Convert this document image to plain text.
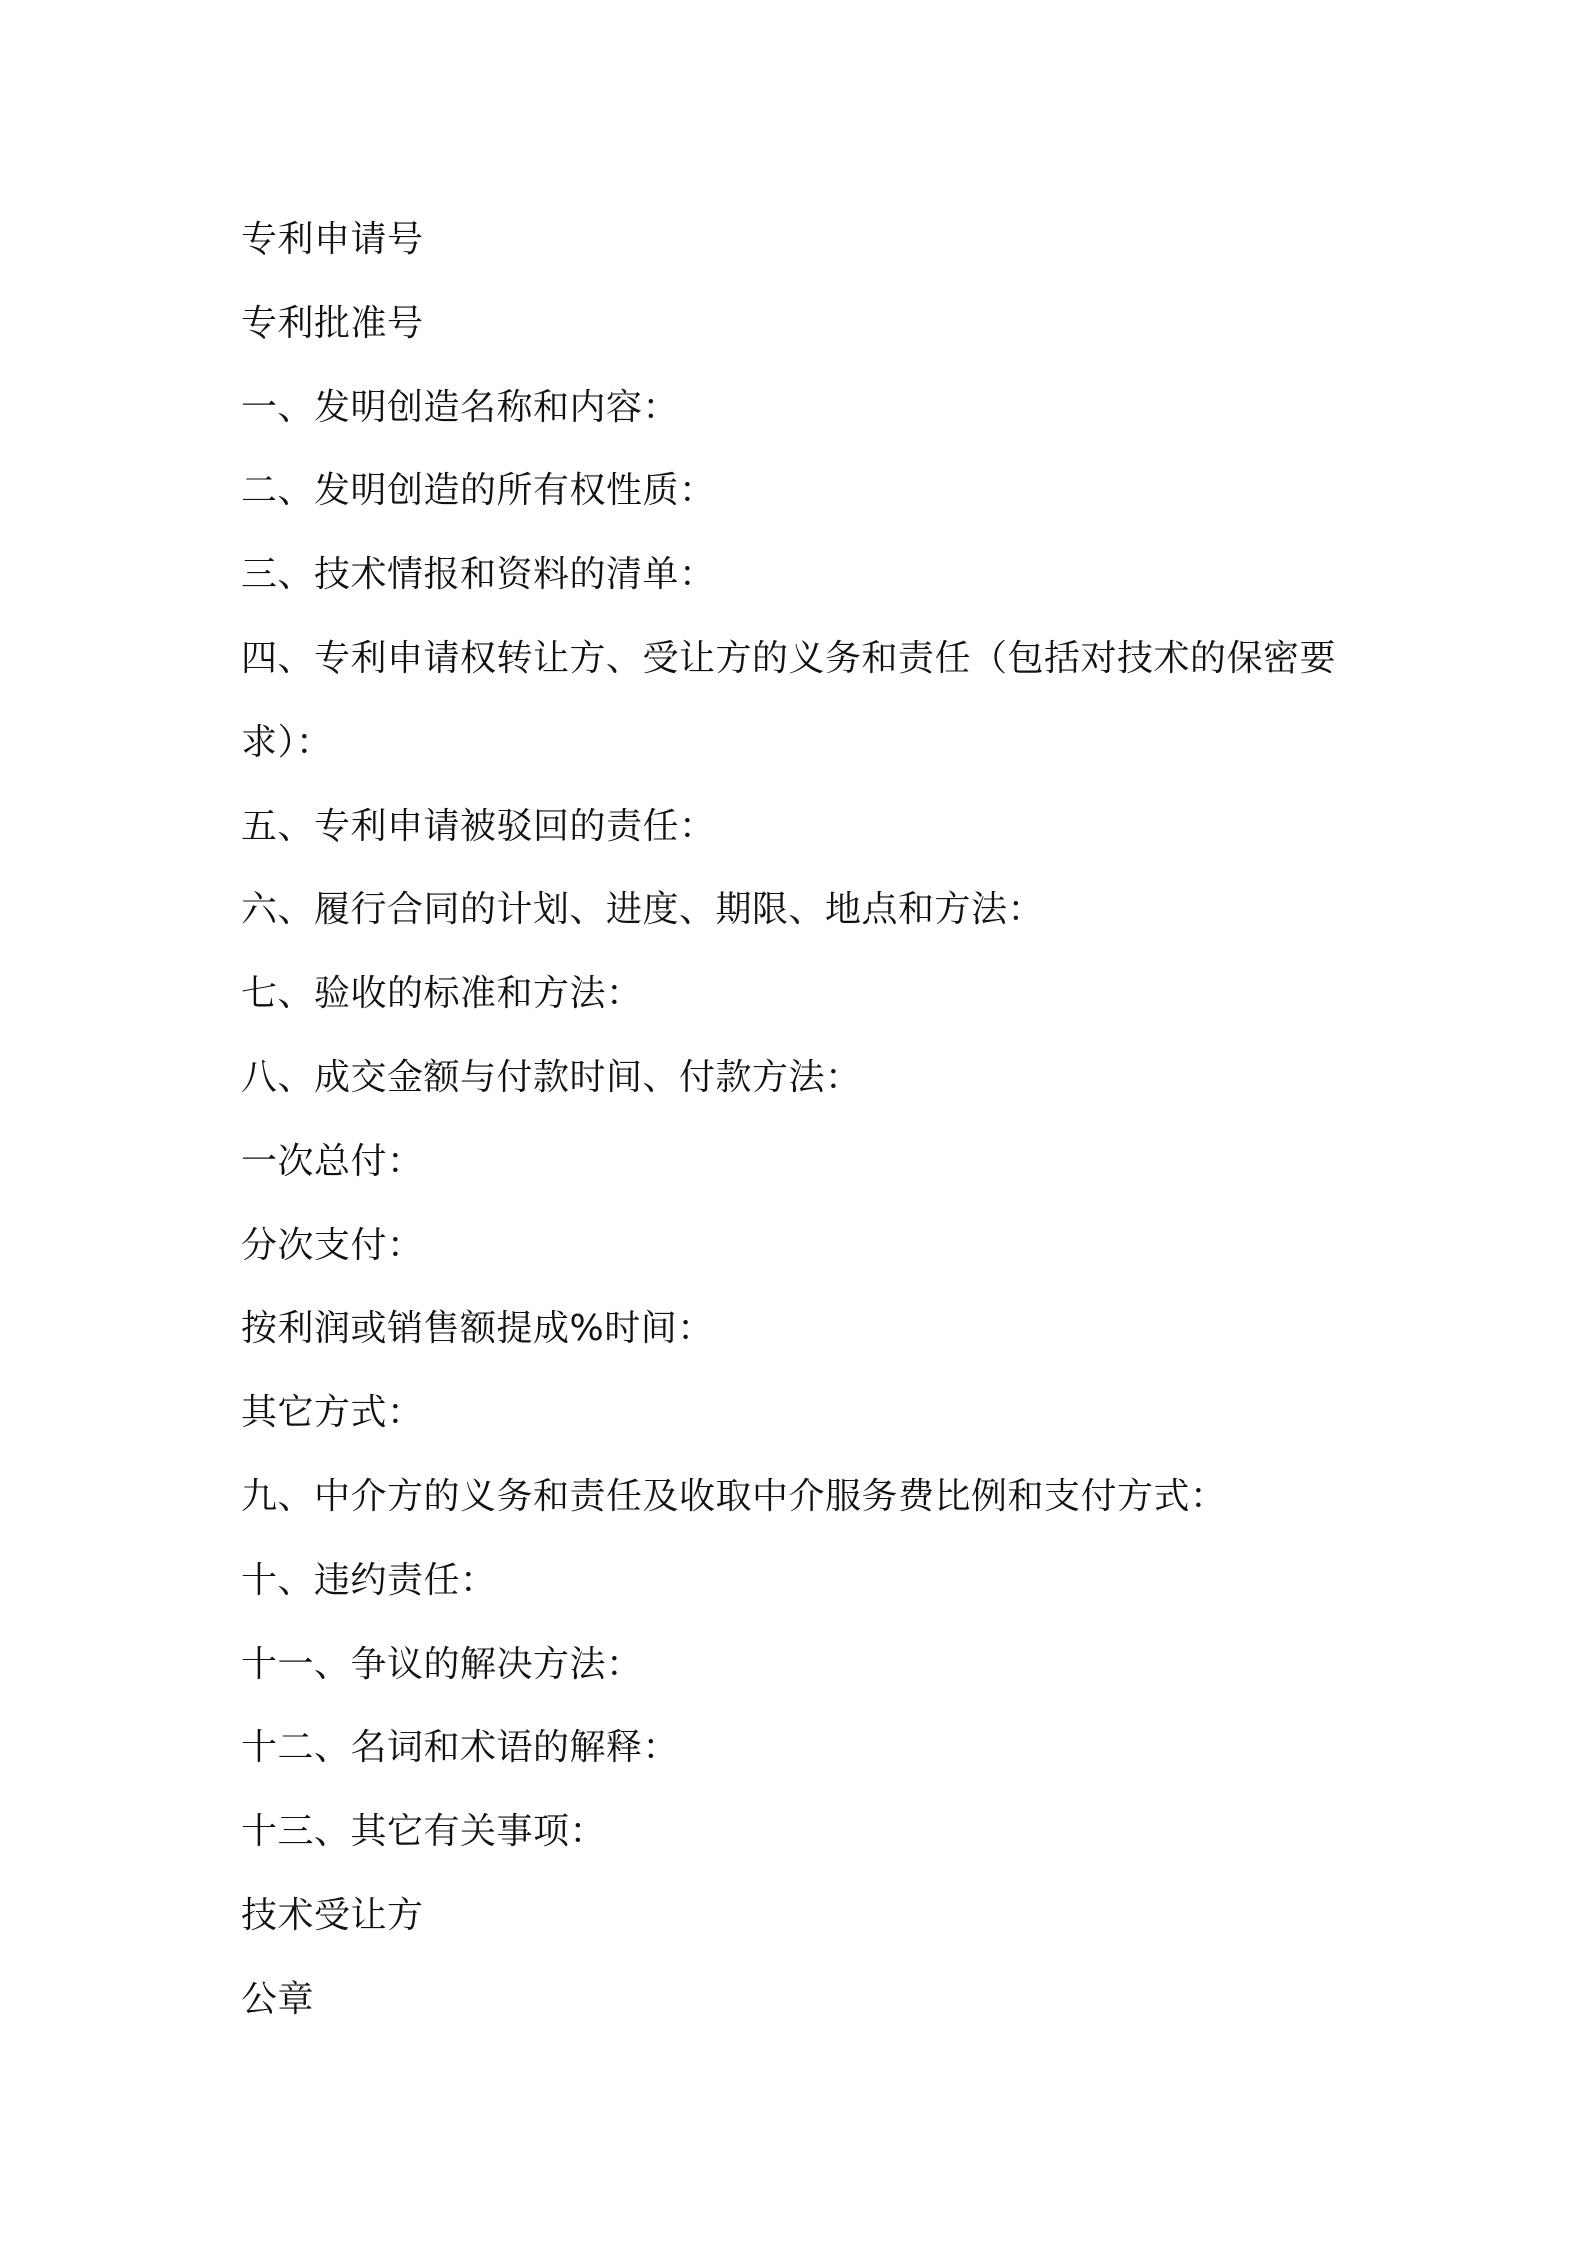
专利申请号
专利批准号
一、发明创造名称和内容：
二、发明创造的所有权性质：
三、技术情报和资料的清单：
四、专利申请权转让方、受让方的义务和责任（包括对技术的保密要
求）：
五、专利申请被驳回的责任：
六、履行合同的计划、进度、期限、地点和方法：
七、验收的标准和方法：
八、成交金额与付款时间、付款方法：
一次总付：
分次支付：
按利润或销售额提成%时间：
其它方式：
九、中介方的义务和责任及收取中介服务费比例和支付方式：
十、违约责任：
十一、争议的解决方法：
十二、名词和术语的解释：
十三、其它有关事项：
技术受让方
公章
